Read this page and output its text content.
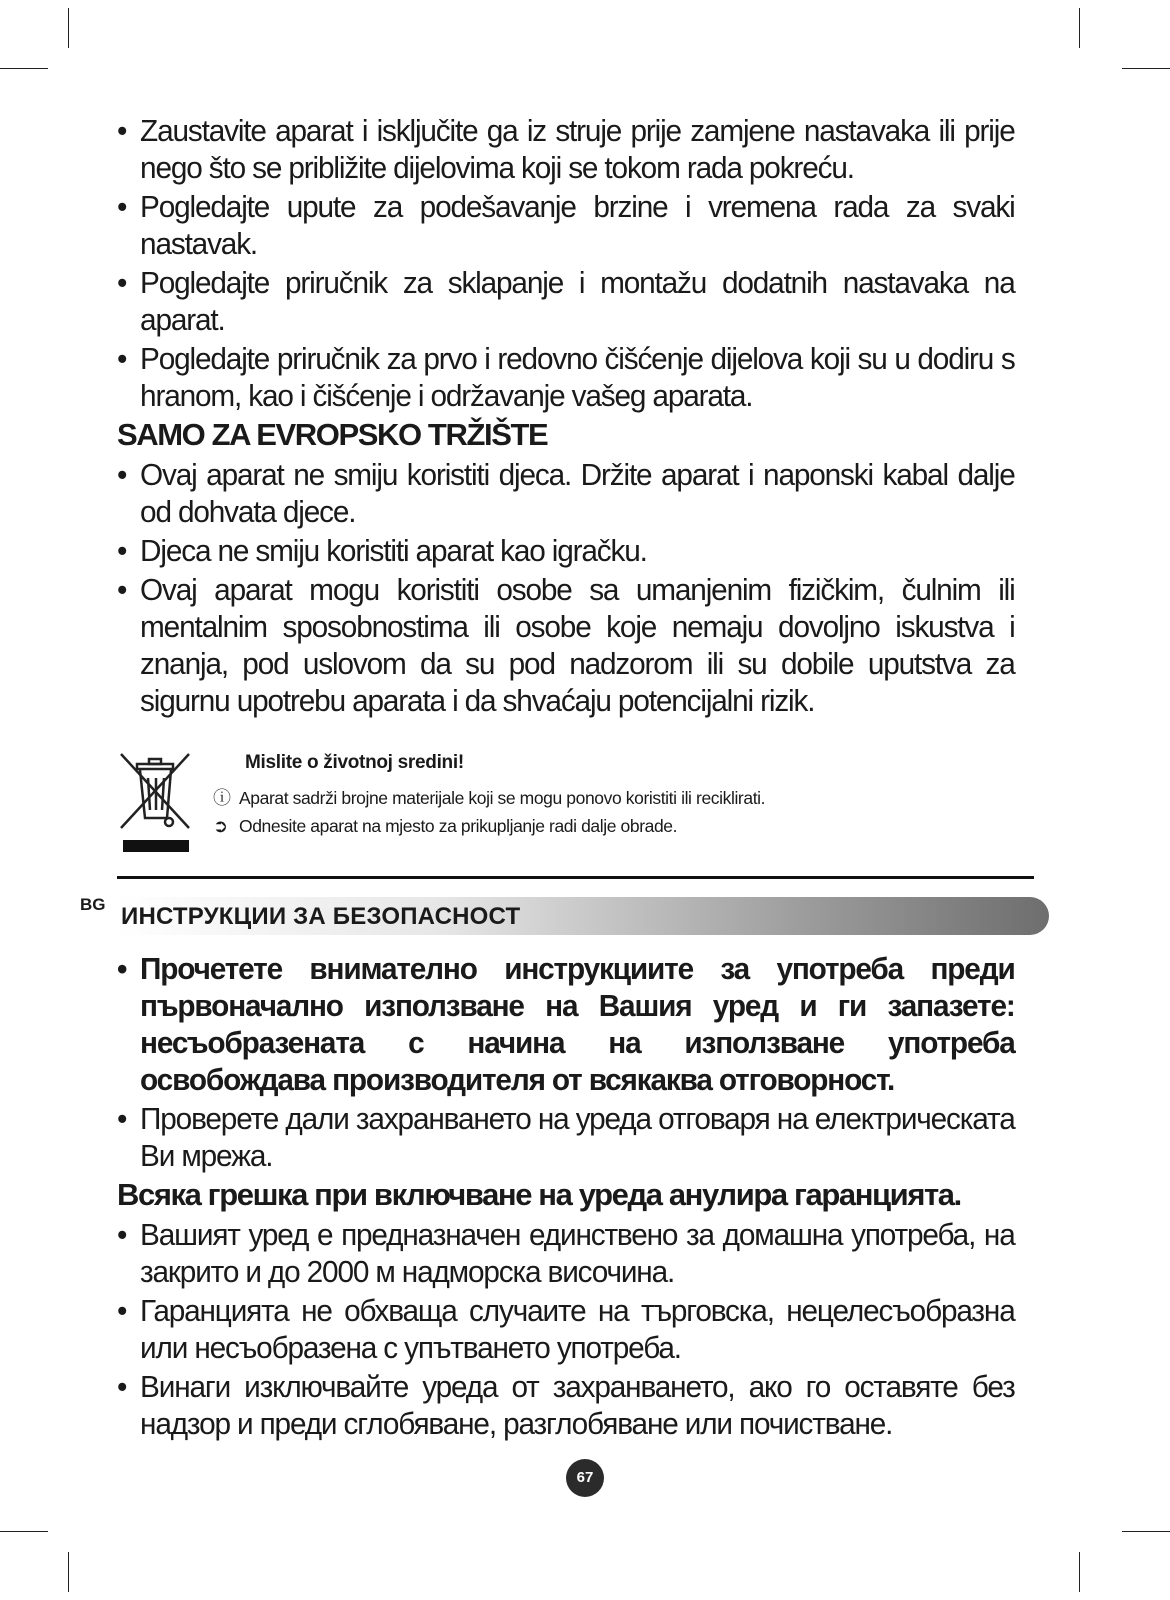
• Zaustavite aparat i isključite ga iz struje prije zamjene nastavaka ili prije nego što se približite dijelovima koji se tokom rada pokreću.

• Pogledajte upute za podešavanje brzine i vremena rada za svaki nastavak.

• Pogledajte priručnik za sklapanje i montažu dodatnih nastavaka na aparat.

• Pogledajte priručnik za prvo i redovno čišćenje dijelova koji su u dodiru s hranom, kao i čišćenje i održavanje vašeg aparata.

SAMO ZA EVROPSKO TRŽIŠTE

• Ovaj aparat ne smiju koristiti djeca. Držite aparat i naponski kabal dalje od dohvata djece.

• Djeca ne smiju koristiti aparat kao igračku.

• Ovaj aparat mogu koristiti osobe sa umanjenim fizičkim, čulnim ili mentalnim sposobnostima ili osobe koje nemaju dovoljno iskustva i znanja, pod uslovom da su pod nadzorom ili su dobile uputstva za sigurnu upotrebu aparata i da shvaćaju potencijalni rizik.

Mislite o životnoj sredini!
ⓘ Aparat sadrži brojne materijale koji se mogu ponovo koristiti ili reciklirati.
➲ Odnesite aparat na mjesto za prikupljanje radi dalje obrade.
BG ИНСТРУКЦИИ ЗА БЕЗОПАСНОСТ

• Прочетете внимателно инструкциите за употреба преди първоначално използване на Вашия уред и ги запазете: несъобразената с начина на използване употреба освобождава производителя от всякаква отговорност.

• Проверете дали захранването на уреда отговаря на електрическата Ви мрежа.

Всяка грешка при включване на уреда анулира гаранцията.

• Вашият уред е предназначен единствено за домашна употреба, на закрито и до 2000 м надморска височина.

• Гаранцията не обхваща случаите на търговска, нецелесъобразна или несъобразена с упътването употреба.

• Винаги изключвайте уреда от захранването, ако го оставяте без надзор и преди сглобяване, разглобяване или почистване.

67
